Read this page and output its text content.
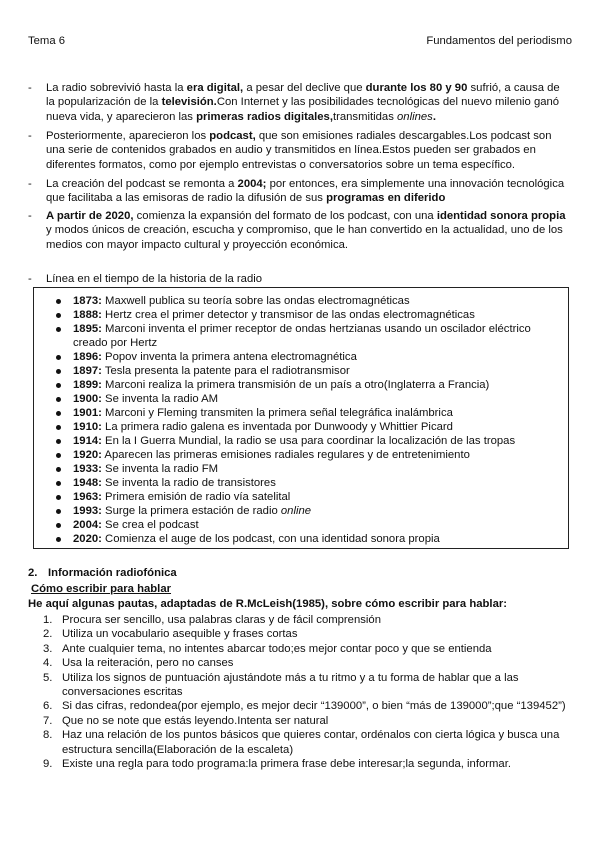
Tema 6	Fundamentos del periodismo
-	La radio sobrevivió hasta la era digital, a pesar del declive que durante los 80 y 90 sufrió, a causa de la popularización de la televisión.Con Internet y las posibilidades tecnológicas del nuevo milenio ganó nueva vida, y aparecieron las primeras radios digitales,transmitidas onlines.
-	Posteriormente, aparecieron los podcast, que son emisiones radiales descargables.Los podcast son una serie de contenidos grabados en audio y transmitidos en línea.Estos pueden ser grabados en diferentes formatos, como por ejemplo entrevistas o conversatorios sobre un tema específico.
-	La creación del podcast se remonta a 2004; por entonces, era simplemente una innovación tecnológica que facilitaba a las emisoras de radio la difusión de sus programas en diferido
-	A partir de 2020, comienza la expansión del formato de los podcast, con una identidad sonora propia y modos únicos de creación, escucha y compromiso, que le han convertido en la actualidad, uno de los medios con mayor impacto cultural y proyección económica.
- Línea en el tiempo de la historia de la radio
1873: Maxwell publica su teoría sobre las ondas electromagnéticas
1888: Hertz crea el primer detector y transmisor de las ondas electromagnéticas
1895: Marconi inventa el primer receptor de ondas hertzianas usando un oscilador eléctrico creado por Hertz
1896: Popov inventa la primera antena electromagnética
1897: Tesla presenta la patente para el radiotransmisor
1899: Marconi realiza la primera transmisión de un país a otro(Inglaterra a Francia)
1900: Se inventa la radio AM
1901: Marconi y Fleming transmiten la primera señal telegráfica inalámbrica
1910: La primera radio galena es inventada por Dunwoody y Whittier Picard
1914: En la I Guerra Mundial, la radio se usa para coordinar la localización de las tropas
1920: Aparecen las primeras emisiones radiales regulares y de entretenimiento
1933: Se inventa la radio FM
1948: Se inventa la radio de transistores
1963: Primera emisión de radio vía satelital
1993: Surge la primera estación de radio online
2004: Se crea el podcast
2020: Comienza el auge de los podcast, con una identidad sonora propia
2. Información radiofónica
Cómo escribir para hablar
He aquí algunas pautas, adaptadas de R.McLeish(1985), sobre cómo escribir para hablar:
1. Procura ser sencillo, usa palabras claras y de fácil comprensión
2. Utiliza un vocabulario asequible y frases cortas
3. Ante cualquier tema, no intentes abarcar todo;es mejor contar poco y que se entienda
4. Usa la reiteración, pero no canses
5. Utiliza los signos de puntuación ajustándote más a tu ritmo y a tu forma de hablar que a las conversaciones escritas
6. Si das cifras, redondea(por ejemplo, es mejor decir “139000”, o bien “más de 139000”;que “139452”)
7. Que no se note que estás leyendo.Intenta ser natural
8. Haz una relación de los puntos básicos que quieres contar, ordénalos con cierta lógica y busca una estructura sencilla(Elaboración de la escaleta)
9. Existe una regla para todo programa:la primera frase debe interesar;la segunda, informar.
